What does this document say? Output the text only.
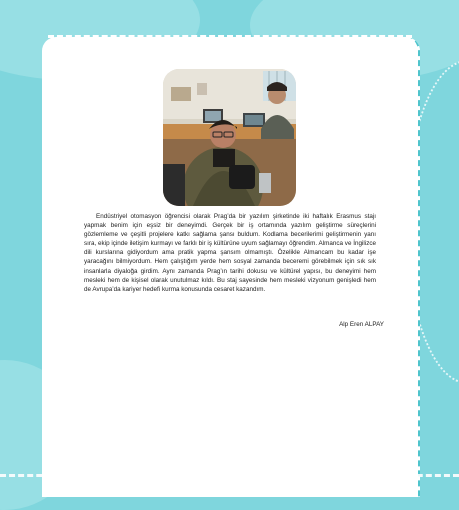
Endüstriyel otomasyon öğrencisi olarak Prag’da bir yazılım şirketinde iki haftalık Erasmus stajı yapmak benim için eşsiz bir deneyimdi. Gerçek bir iş ortamında yazılım geliştirme süreçlerini gözlemleme ve çeşitli projelere katkı sağlama şansı buldum. Kodlama becerilerimi geliştirmenin yanı sıra, ekip içinde iletişim kurmayı ve farklı bir iş kültürüne uyum sağlamayı öğrendim. Almanca ve İngilizce dili kurslarına gidiyordum ama pratik yapma şansım olmamıştı. Özelikle Almancam bu kadar işe yaracağını bilmiyordum. Hem çalıştığım yerde hem sosyal zamanda beceremi görebilmek için sık sık insanlarla diyaloğa girdim. Aynı zamanda Prag’ın tarihi dokusu ve kültürel yapısı, bu deneyimi hem mesleki hem de kişisel olarak unutulmaz kıldı. Bu staj sayesinde hem mesleki vizyonum genişledi hem de Avrupa’da kariyer hedefi kurma konusunda cesaret kazandım.

Alp Eren ALPAY
